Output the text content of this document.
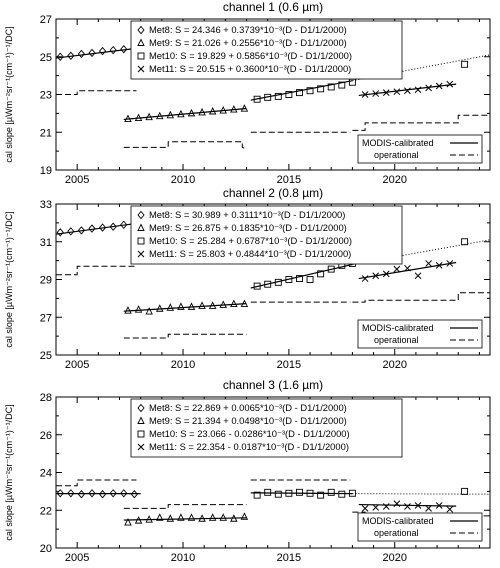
channel 1 (0.6 µm)
cal slope [µWm⁻²sr⁻¹(cm⁻¹)⁻¹/DC]
2005	2010	2015	2020
19
21
23
25
27
Met8: S = 24.346 + 0.3739*10⁻³(D - D1/1/2000)
Met9: S = 21.026 + 0.2556*10⁻³(D - D1/1/2000)
Met10: S = 19.829 + 0.5856*10⁻³(D - D1/1/2000)
Met11: S = 20.515 + 0.3600*10⁻³(D - D1/1/2000)
MODIS-calibrated
operational
channel 2 (0.8 µm)
cal slope [µWm⁻²sr⁻¹(cm⁻¹)⁻¹/DC]
2005	2010	2015	2020
25
27
29
31
33
Met8: S = 30.989 + 0.3111*10⁻³(D - D1/1/2000)
Met9: S = 26.875 + 0.1835*10⁻³(D - D1/1/2000)
Met10: S = 25.284 + 0.6787*10⁻³(D - D1/1/2000)
Met11: S = 25.803 + 0.4844*10⁻³(D - D1/1/2000)
MODIS-calibrated
operational
channel 3 (1.6 µm)
cal slope [µWm⁻²sr⁻¹(cm⁻¹)⁻¹/DC]
2005	2010	2015	2020
20
22
24
26
28
Met8: S = 22.869 + 0.0065*10⁻³(D - D1/1/2000)
Met9: S = 21.394 + 0.0498*10⁻³(D - D1/1/2000)
Met10: S = 23.066 - 0.0286*10⁻³(D - D1/1/2000)
Met11: S = 22.354 - 0.0187*10⁻³(D - D1/1/2000)
MODIS-calibrated
operational
